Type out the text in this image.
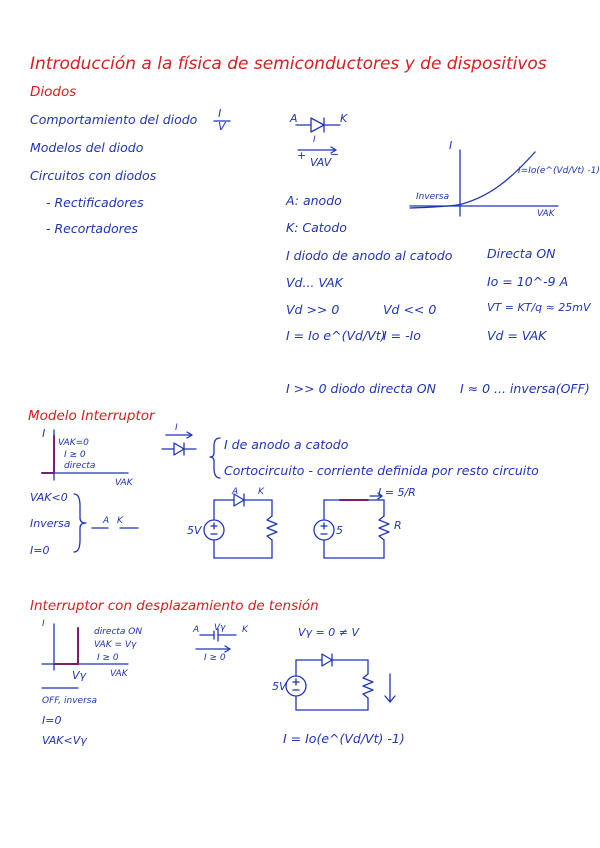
Introducción a la física de semiconductores y de dispositivos
Diodos
Comportamiento del diodo
Modelos del diodo
Circuitos con diodos
- Rectificadores
- Recortadores
I
V
A	K
I
+
VAV
−
I
Inversa
I=Io(e^(Vd/Vt) -1)
VAK
A: anodo
K: Catodo
I diodo de anodo al catodo	Directa ON
Vd... VAK	Io = 10^-9 A
Vd >> 0	Vd << 0	VT = KT/q ≈ 25mV
I = Io e^(Vd/Vt)
I = -Io	Vd = VAK
I >> 0 diodo directa ON I ≈ 0 ... inversa(OFF)
Modelo Interruptor
I
VAK=0
I ≥ 0
directa
VAK
VAK<0
Inversa
I=0
A K
I
I de anodo a catodo
Cortocircuito - corriente definida por resto circuito
A K
5V
I = 5/R
5	R
Interruptor con desplazamiento de tensión
I
directa ON
VAK = Vγ
I ≥ 0
Vγ	VAK
OFF, inversa
I=0
VAK<Vγ
A Vγ K
I ≥ 0
Vγ = 0 ≠ V
5V
I = Io(e^(Vd/Vt) -1)
